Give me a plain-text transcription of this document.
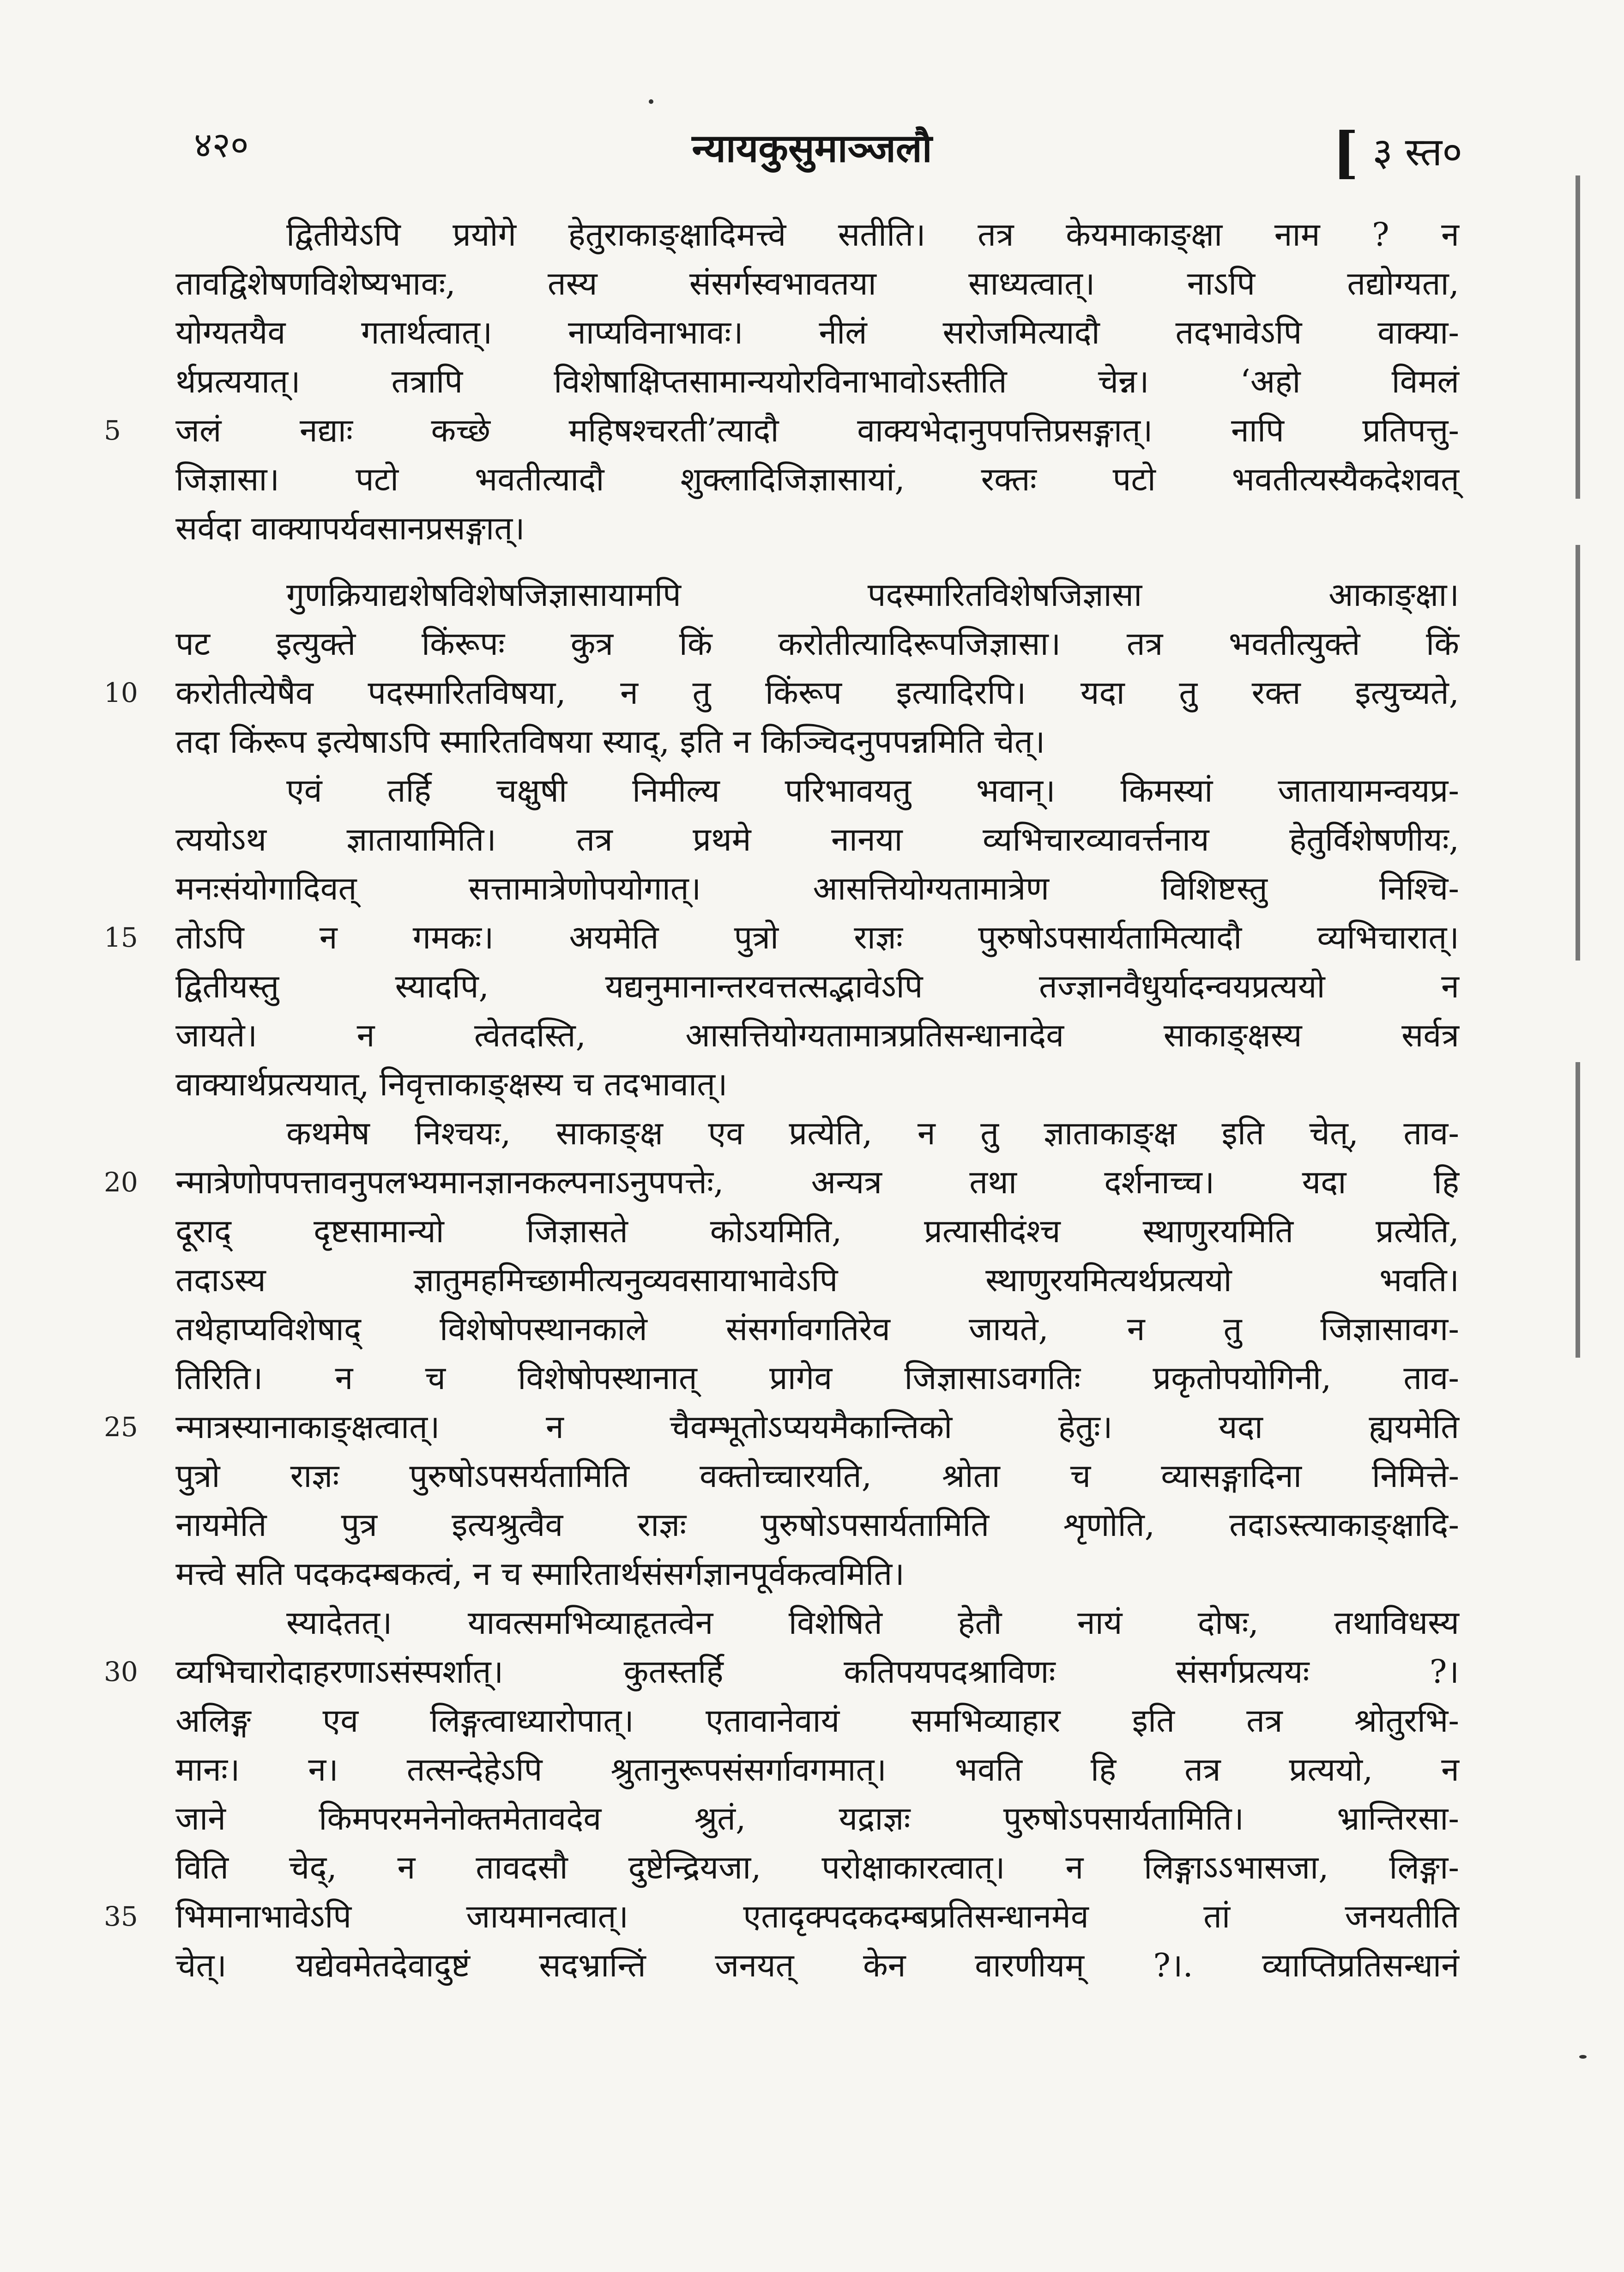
४२०	न्यायकुसुमाञ्जलौ	[ ३ स्त०
द्वितीयेऽपि प्रयोगे हेतुराकाङ्क्षादिमत्त्वे सतीति। तत्र केयमाकाङ्क्षा नाम ? न
तावद्विशेषणविशेष्यभावः, तस्य संसर्गस्वभावतया साध्यत्वात्। नाऽपि तद्योग्यता,
योग्यतयैव गतार्थत्वात्। नाप्यविनाभावः। नीलं सरोजमित्यादौ तदभावेऽपि वाक्या-
र्थप्रत्ययात्। तत्रापि विशेषाक्षिप्तसामान्ययोरविनाभावोऽस्तीति चेन्न। ‘अहो विमलं
जलं नद्याः कच्छे महिषश्चरती’त्यादौ वाक्यभेदानुपपत्तिप्रसङ्गात्। नापि प्रतिपत्तु-
5
जिज्ञासा। पटो भवतीत्यादौ शुक्लादिजिज्ञासायां, रक्तः पटो भवतीत्यस्यैकदेशवत्
सर्वदा वाक्यापर्यवसानप्रसङ्गात्।
गुणक्रियाद्यशेषविशेषजिज्ञासायामपि पदस्मारितविशेषजिज्ञासा आकाङ्क्षा।
पट इत्युक्ते किंरूपः कुत्र किं करोतीत्यादिरूपजिज्ञासा। तत्र भवतीत्युक्ते किं
करोतीत्येषैव पदस्मारितविषया, न तु किंरूप इत्यादिरपि। यदा तु रक्त इत्युच्यते,
10
तदा किंरूप इत्येषाऽपि स्मारितविषया स्याद्, इति न किञ्चिदनुपपन्नमिति चेत्।
एवं तर्हि चक्षुषी निमील्य परिभावयतु भवान्। किमस्यां जातायामन्वयप्र-
त्ययोऽथ ज्ञातायामिति। तत्र प्रथमे नानया व्यभिचारव्यावर्त्तनाय हेतुर्विशेषणीयः,
मनःसंयोगादिवत् सत्तामात्रेणोपयोगात्। आसत्तियोग्यतामात्रेण विशिष्टस्तु निश्चि-
तोऽपि न गमकः। अयमेति पुत्रो राज्ञः पुरुषोऽपसार्यतामित्यादौ व्यभिचारात्।
15
द्वितीयस्तु स्यादपि, यद्यनुमानान्तरवत्तत्सद्भावेऽपि तज्ज्ञानवैधुर्यादन्वयप्रत्ययो न
जायते। न त्वेतदस्ति, आसत्तियोग्यतामात्रप्रतिसन्धानादेव साकाङ्क्षस्य सर्वत्र
वाक्यार्थप्रत्ययात्, निवृत्ताकाङ्क्षस्य च तदभावात्।
कथमेष निश्चयः, साकाङ्क्ष एव प्रत्येति, न तु ज्ञाताकाङ्क्ष इति चेत्, ताव-
न्मात्रेणोपपत्तावनुपलभ्यमानज्ञानकल्पनाऽनुपपत्तेः, अन्यत्र तथा दर्शनाच्च। यदा हि
20
दूराद् दृष्टसामान्यो जिज्ञासते कोऽयमिति, प्रत्यासीदंश्च स्थाणुरयमिति प्रत्येति,
तदाऽस्य ज्ञातुमहमिच्छामीत्यनुव्यवसायाभावेऽपि स्थाणुरयमित्यर्थप्रत्ययो भवति।
तथेहाप्यविशेषाद् विशेषोपस्थानकाले संसर्गावगतिरेव जायते, न तु जिज्ञासावग-
तिरिति। न च विशेषोपस्थानात् प्रागेव जिज्ञासाऽवगतिः प्रकृतोपयोगिनी, ताव-
न्मात्रस्यानाकाङ्क्षत्वात्। न चैवम्भूतोऽप्ययमैकान्तिको हेतुः। यदा ह्ययमेति
25
पुत्रो राज्ञः पुरुषोऽपसर्यतामिति वक्तोच्चारयति, श्रोता च व्यासङ्गादिना निमित्ते-
नायमेति पुत्र इत्यश्रुत्वैव राज्ञः पुरुषोऽपसार्यतामिति शृणोति, तदाऽस्त्याकाङ्क्षादि-
मत्त्वे सति पदकदम्बकत्वं, न च स्मारितार्थसंसर्गज्ञानपूर्वकत्वमिति।
स्यादेतत्। यावत्समभिव्याहृतत्वेन विशेषिते हेतौ नायं दोषः, तथाविधस्य
व्यभिचारोदाहरणाऽसंस्पर्शात्। कुतस्तर्हि कतिपयपदश्राविणः संसर्गप्रत्ययः ?।
30
अलिङ्ग एव लिङ्गत्वाध्यारोपात्। एतावानेवायं समभिव्याहार इति तत्र श्रोतुरभि-
मानः। न। तत्सन्देहेऽपि श्रुतानुरूपसंसर्गावगमात्। भवति हि तत्र प्रत्ययो, न
जाने किमपरमनेनोक्तमेतावदेव श्रुतं, यद्राज्ञः पुरुषोऽपसार्यतामिति। भ्रान्तिरसा-
विति चेद्, न तावदसौ दुष्टेन्द्रियजा, परोक्षाकारत्वात्। न लिङ्गाऽऽभासजा, लिङ्गा-
भिमानाभावेऽपि जायमानत्वात्। एतादृक्पदकदम्बप्रतिसन्धानमेव तां जनयतीति
35
चेत्। यद्येवमेतदेवादुष्टं सदभ्रान्तिं जनयत् केन वारणीयम् ?।. व्याप्तिप्रतिसन्धानं
